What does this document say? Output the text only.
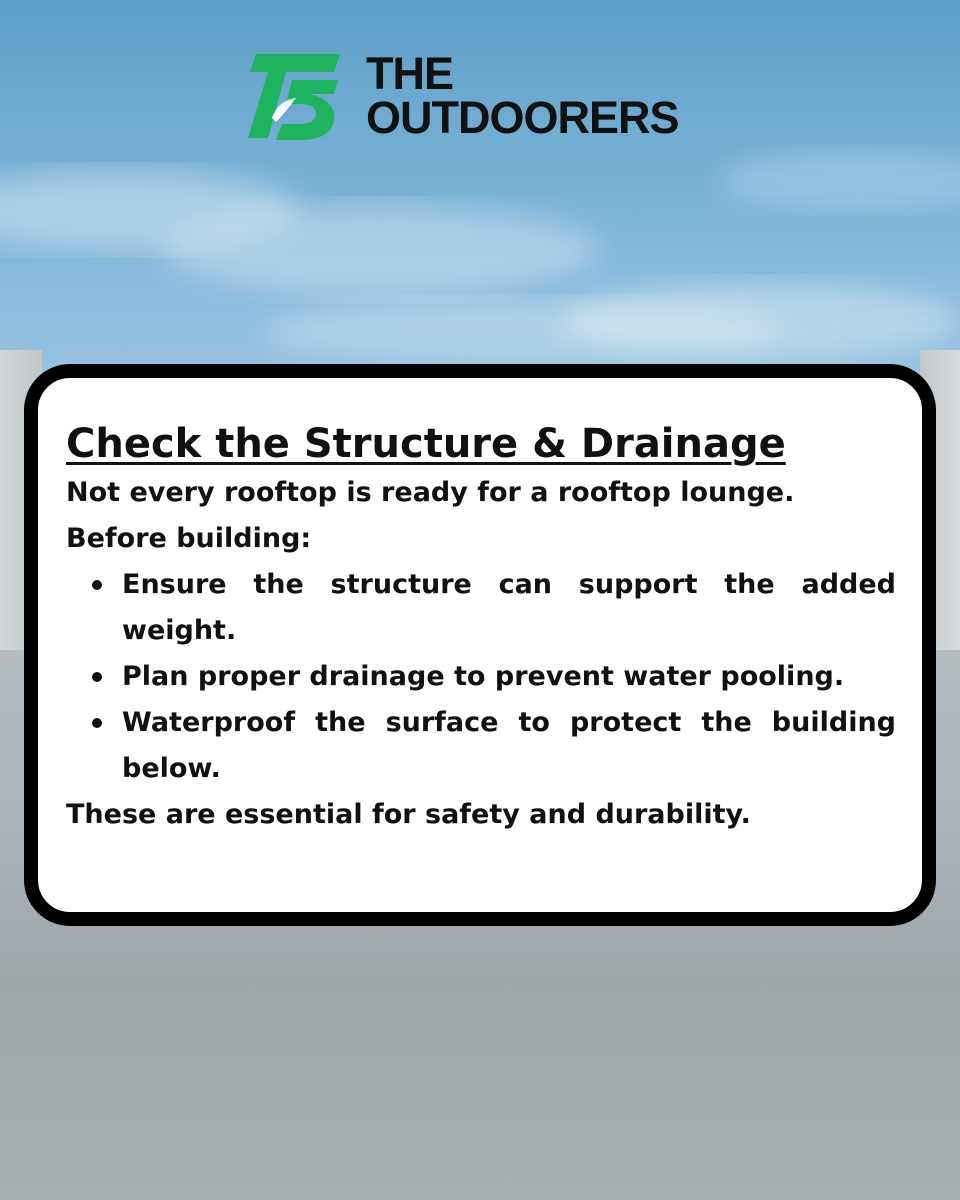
THE
OUTDOORERS
Check the Structure & Drainage

Not every rooftop is ready for a rooftop lounge.

Before building:

Ensure the structure can support the added weight.
Plan proper drainage to prevent water pooling.
Waterproof the surface to protect the building below.

These are essential for safety and durability.
